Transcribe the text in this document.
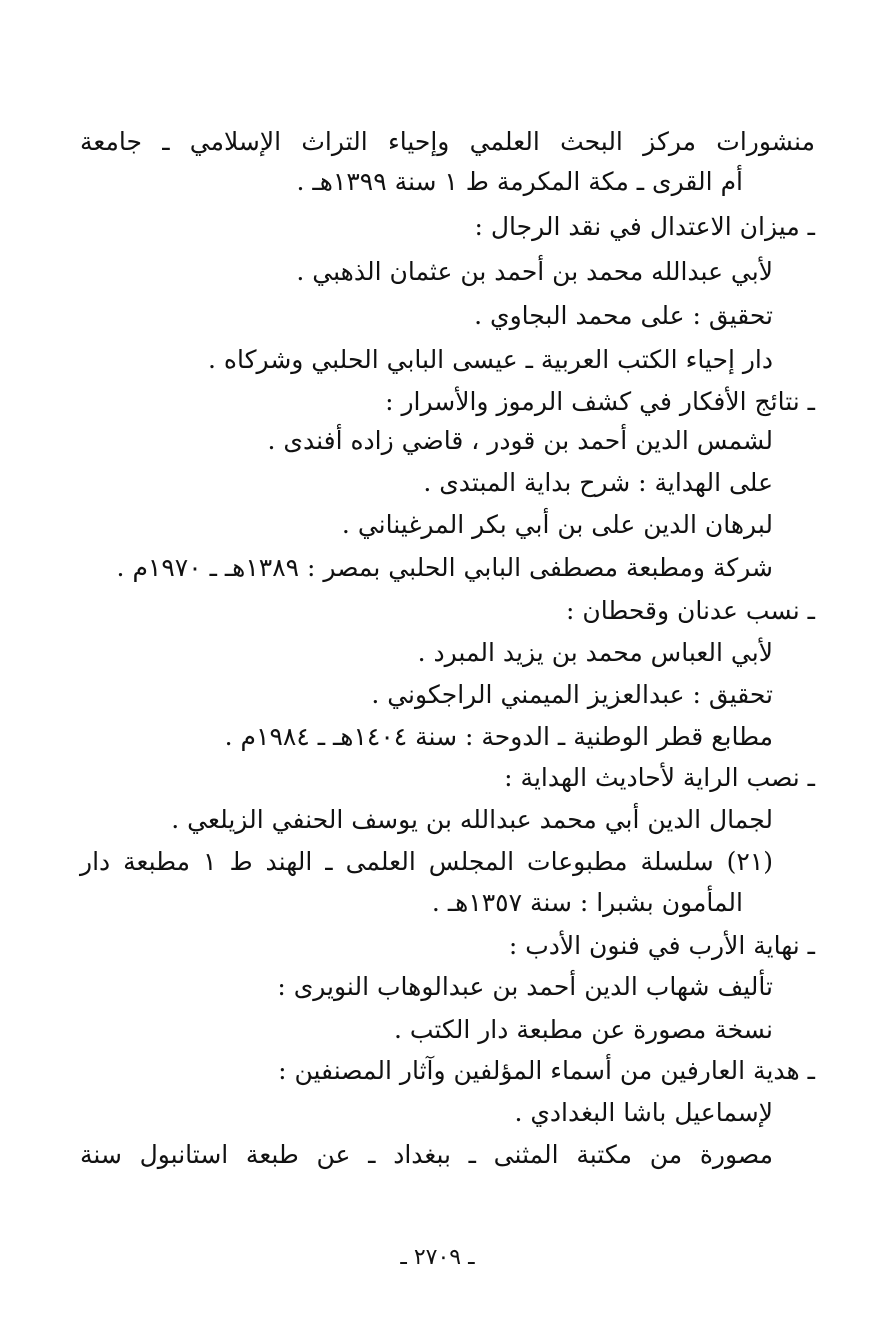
منشورات مركز البحث العلمي وإحياء التراث الإسلامي ـ جامعة
أم القرى ـ مكة المكرمة ط ١ سنة ١٣٩٩هـ .
ـ ميزان الاعتدال في نقد الرجال :
لأبي عبدالله محمد بن أحمد بن عثمان الذهبي .
تحقيق : على محمد البجاوي .
دار إحياء الكتب العربية ـ عيسى البابي الحلبي وشركاه .
ـ نتائج الأفكار في كشف الرموز والأسرار :
لشمس الدين أحمد بن قودر ، قاضي زاده أفندى .
على الهداية : شرح بداية المبتدى .
لبرهان الدين على بن أبي بكر المرغيناني .
شركة ومطبعة مصطفى البابي الحلبي بمصر : ١٣٨٩هـ ـ ١٩٧٠م .
ـ نسب عدنان وقحطان :
لأبي العباس محمد بن يزيد المبرد .
تحقيق : عبدالعزيز الميمني الراجكوني .
مطابع قطر الوطنية ـ الدوحة : سنة ١٤٠٤هـ ـ ١٩٨٤م .
ـ نصب الراية لأحاديث الهداية :
لجمال الدين أبي محمد عبدالله بن يوسف الحنفي الزيلعي .
(٢١) سلسلة مطبوعات المجلس العلمى ـ الهند ط ١ مطبعة دار
المأمون بشبرا : سنة ١٣٥٧هـ .
ـ نهاية الأرب في فنون الأدب :
تأليف شهاب الدين أحمد بن عبدالوهاب النويرى :
نسخة مصورة عن مطبعة دار الكتب .
ـ هدية العارفين من أسماء المؤلفين وآثار المصنفين :
لإسماعيل باشا البغدادي .
مصورة من مكتبة المثنى ـ ببغداد ـ عن طبعة استانبول سنة
ـ ٢٧٠٩ ـ
